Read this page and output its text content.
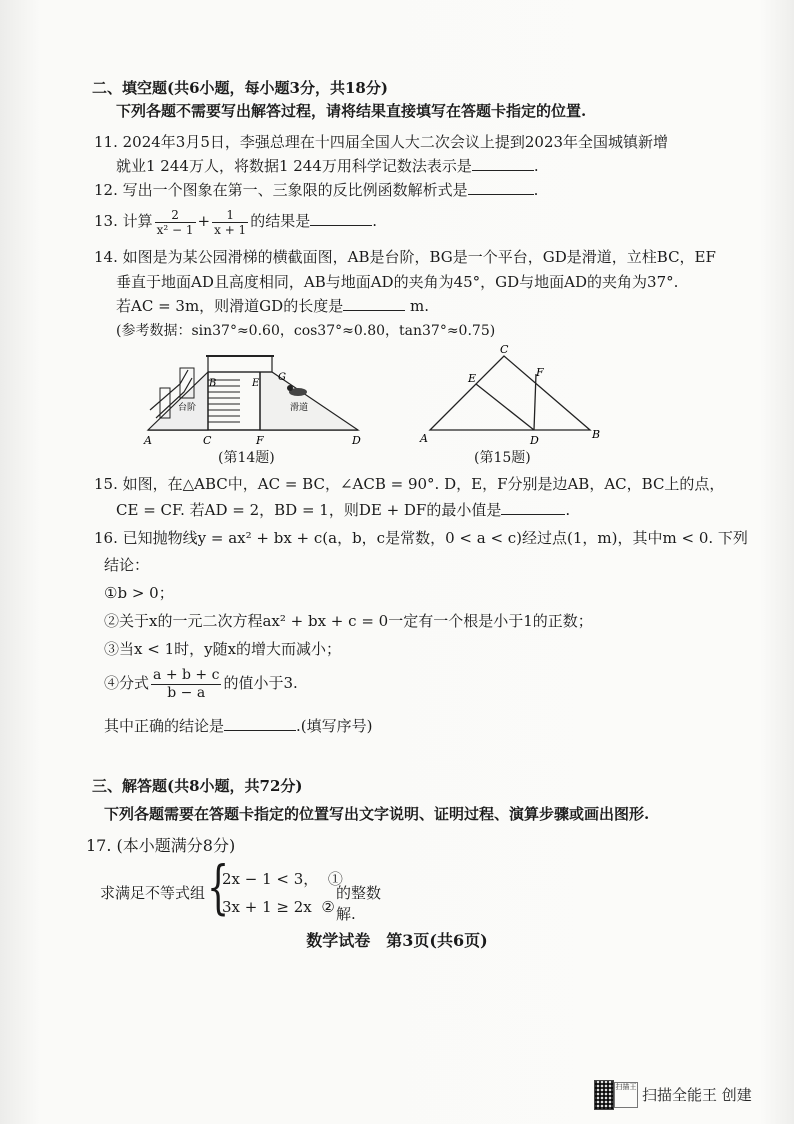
二、填空题(共6小题，每小题3分，共18分)
下列各题不需要写出解答过程，请将结果直接填写在答题卡指定的位置.
11. 2024年3月5日，李强总理在十四届全国人大二次会议上提到2023年全国城镇新增
就业1 244万人，将数据1 244万用科学记数法表示是	.
12. 写出一个图象在第一、三象限的反比例函数解析式是	.
13. 计算 $\frac{2}{\text{x² − 1}} + \frac{1}{x + 1}$ 的结果是	.
14. 如图是为某公园滑梯的横截面图，AB是台阶，BG是一个平台，GD是滑道，立柱BC，EF
垂直于地面AD且高度相同，AB与地面AD的夹角为45°，GD与地面AD的夹角为37°.
若AC = 3m，则滑道GD的长度是	m.
(参考数据：sin37°≈0.60，cos37°≈0.80，tan37°≈0.75)
B	E
G
台阶	滑道
A	C	F	D
(第14题)
C
E	F
A	D	B
(第15题)
15. 如图，在△ABC中，AC = BC，∠ACB = 90°. D，E，F分别是边AB，AC，BC上的点，
CE = CF. 若AD = 2，BD = 1，则DE + DF的最小值是	.
16. 已知抛物线y = ax² + bx + c(a，b，c是常数，0 < a < c)经过点(1，m)，其中m < 0. 下列
结论：
①b > 0；
②关于x的一元二次方程ax² + bx + c = 0一定有一个根是小于1的正数；
③当x < 1时，y随x的增大而减小；
④分式 $\frac{a + b + c}{b - a}$ 的值小于3.
其中正确的结论是	.(填写序号)
三、解答题(共8小题，共72分)
下列各题需要在答题卡指定的位置写出文字说明、证明过程、演算步骤或画出图形.
17. (本小题满分8分)
求满足不等式组 {
2x − 1 < 3， ①
3x + 1 ≥ 2x ②
的整数解.
数学试卷　第3页(共6页)
扫描王 扫描全能王 创建
